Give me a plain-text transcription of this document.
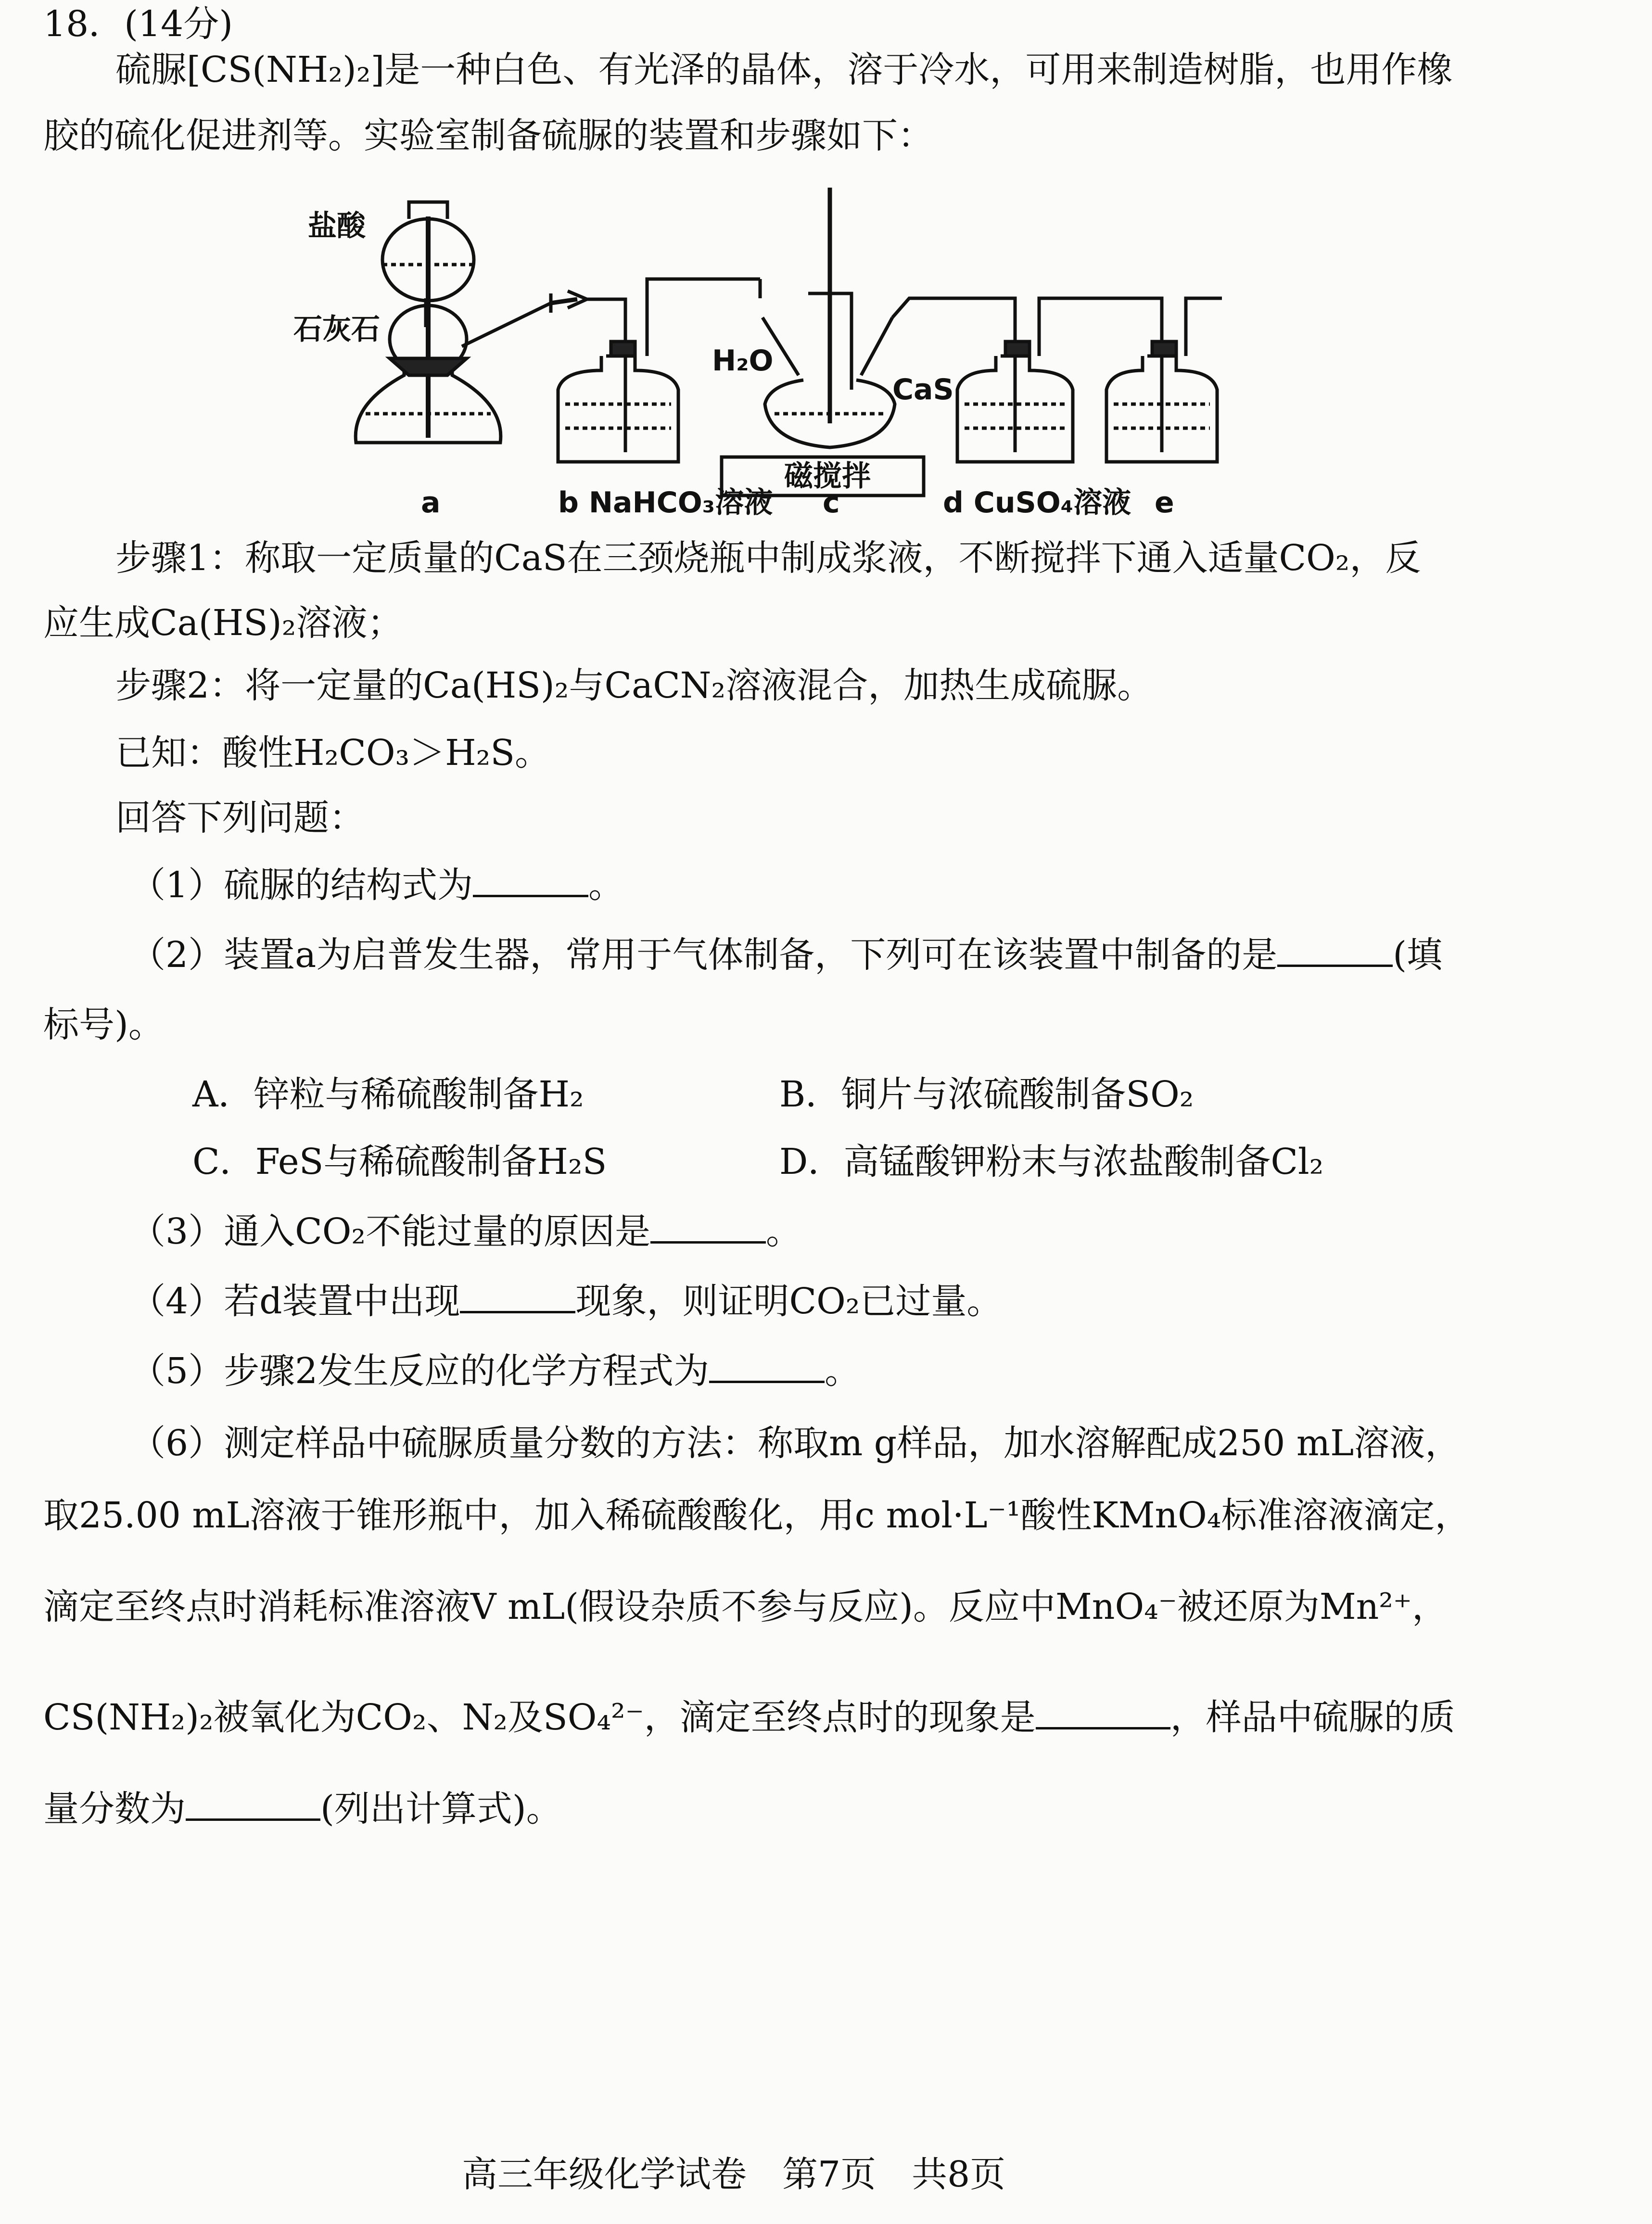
18．(14分)
硫脲[CS(NH₂)₂]是一种白色、有光泽的晶体，溶于冷水，可用来制造树脂，也用作橡
胶的硫化促进剂等。实验室制备硫脲的装置和步骤如下：
盐酸
石灰石
H₂O
CaS
磁搅拌
a	b NaHCO₃溶液 c	d CuSO₄溶液 e
步骤1：称取一定质量的CaS在三颈烧瓶中制成浆液，不断搅拌下通入适量CO₂，反
应生成Ca(HS)₂溶液；
步骤2：将一定量的Ca(HS)₂与CaCN₂溶液混合，加热生成硫脲。
已知：酸性H₂CO₃＞H₂S。
回答下列问题：
（1）硫脲的结构式为	。
（2）装置a为启普发生器，常用于气体制备，下列可在该装置中制备的是	(填
标号)。
A．锌粒与稀硫酸制备H₂	B．铜片与浓硫酸制备SO₂
C．FeS与稀硫酸制备H₂S	D．高锰酸钾粉末与浓盐酸制备Cl₂
（3）通入CO₂不能过量的原因是	。
（4）若d装置中出现	现象，则证明CO₂已过量。
（5）步骤2发生反应的化学方程式为	。
（6）测定样品中硫脲质量分数的方法：称取m g样品，加水溶解配成250 mL溶液，
取25.00 mL溶液于锥形瓶中，加入稀硫酸酸化，用c mol·L⁻¹酸性KMnO₄标准溶液滴定，
滴定至终点时消耗标准溶液V mL(假设杂质不参与反应)。反应中MnO₄⁻被还原为Mn²⁺，
CS(NH₂)₂被氧化为CO₂、N₂及SO₄²⁻，滴定至终点时的现象是	，样品中硫脲的质
量分数为	(列出计算式)。
高三年级化学试卷　第7页　共8页
